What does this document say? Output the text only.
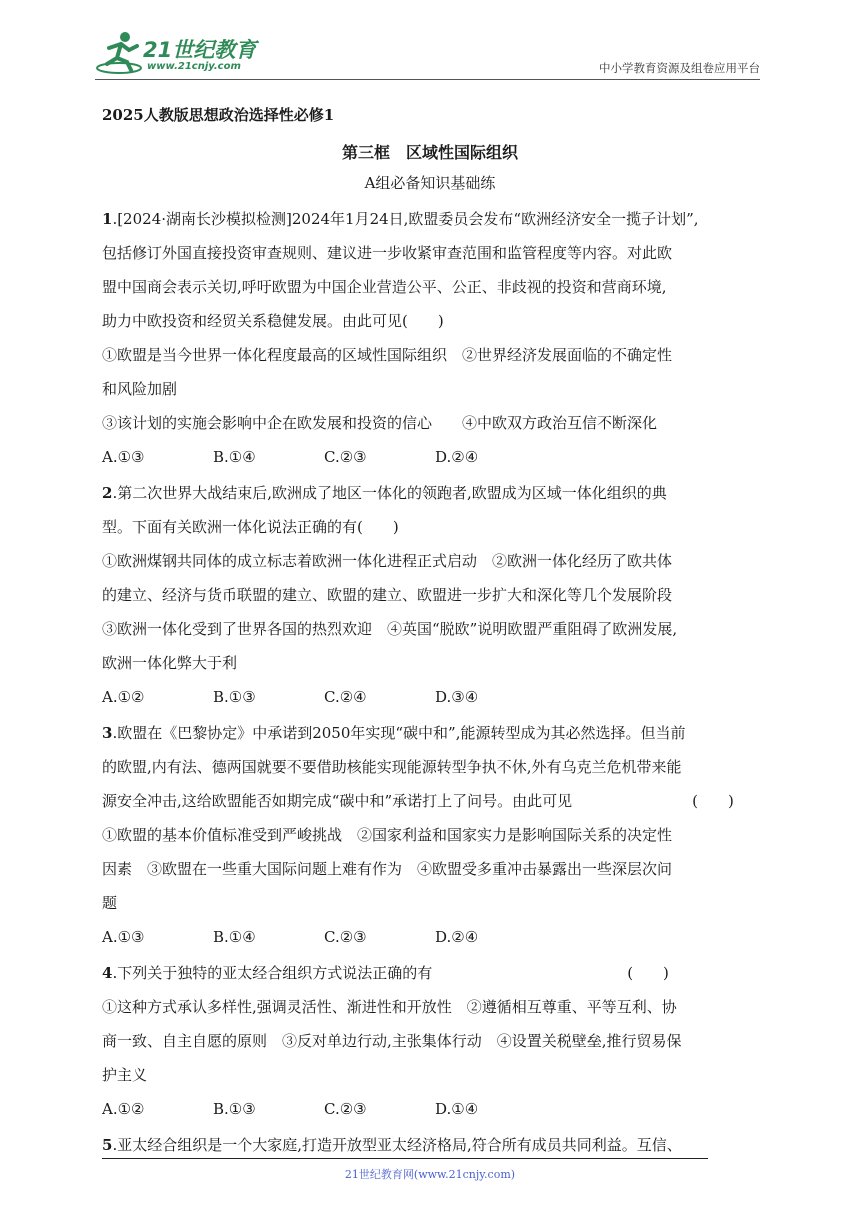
21世纪教育
www.21cnjy.com	中小学教育资源及组卷应用平台
2025人教版思想政治选择性必修1
第三框　区域性国际组织
A组必备知识基础练
1.[2024·湖南长沙模拟检测]2024年1月24日,欧盟委员会发布“欧洲经济安全一揽子计划”,
包括修订外国直接投资审查规则、建议进一步收紧审查范围和监管程度等内容。对此欧
盟中国商会表示关切,呼吁欧盟为中国企业营造公平、公正、非歧视的投资和营商环境,
助力中欧投资和经贸关系稳健发展。由此可见(　　)
①欧盟是当今世界一体化程度最高的区域性国际组织　②世界经济发展面临的不确定性
和风险加剧
③该计划的实施会影响中企在欧发展和投资的信心　　④中欧双方政治互信不断深化
A.①③	B.①④	C.②③	D.②④
2.第二次世界大战结束后,欧洲成了地区一体化的领跑者,欧盟成为区域一体化组织的典
型。下面有关欧洲一体化说法正确的有(　　)
①欧洲煤钢共同体的成立标志着欧洲一体化进程正式启动　②欧洲一体化经历了欧共体
的建立、经济与货币联盟的建立、欧盟的建立、欧盟进一步扩大和深化等几个发展阶段
③欧洲一体化受到了世界各国的热烈欢迎　④英国“脱欧”说明欧盟严重阻碍了欧洲发展,
欧洲一体化弊大于利
A.①②	B.①③	C.②④	D.③④
3.欧盟在《巴黎协定》中承诺到2050年实现“碳中和”,能源转型成为其必然选择。但当前
的欧盟,内有法、德两国就要不要借助核能实现能源转型争执不休,外有乌克兰危机带来能
源安全冲击,这给欧盟能否如期完成“碳中和”承诺打上了问号。由此可见　　　　　　　　(　　)
①欧盟的基本价值标准受到严峻挑战　②国家利益和国家实力是影响国际关系的决定性
因素　③欧盟在一些重大国际问题上难有作为　④欧盟受多重冲击暴露出一些深层次问
题
A.①③	B.①④	C.②③	D.②④
4.下列关于独特的亚太经合组织方式说法正确的有　　　　　　　　　　　　　(　　)
①这种方式承认多样性,强调灵活性、渐进性和开放性　②遵循相互尊重、平等互利、协
商一致、自主自愿的原则　③反对单边行动,主张集体行动　④设置关税壁垒,推行贸易保
护主义
A.①②	B.①③	C.②③	D.①④
5.亚太经合组织是一个大家庭,打造开放型亚太经济格局,符合所有成员共同利益。互信、
21世纪教育网(www.21cnjy.com)
